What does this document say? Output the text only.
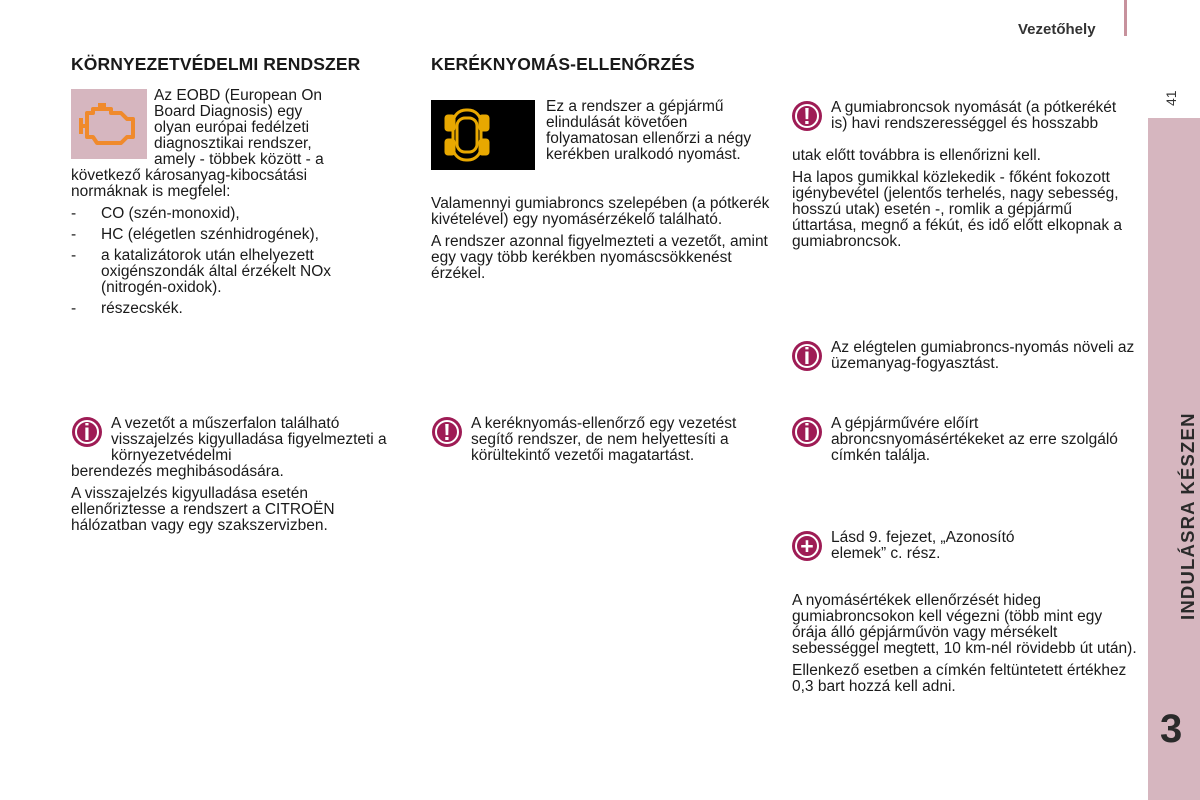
Vezetőhely
41
INDULÁSRA KÉSZEN
3
KÖRNYEZETVÉDELMI RENDSZER
Az EOBD (European On
Board Diagnosis) egy
olyan európai fedélzeti
diagnosztikai rendszer,
amely - többek között - a

következő károsanyag-kibocsátási normáknak is megfelel:

- CO (szén-monoxid),
- HC (elégetlen szénhidrogének),
- a katalizátorok után elhelyezett oxigénszondák által érzékelt NOx (nitrogén-oxidok).
- részecskék.
i	A vezetőt a műszerfalon található visszajelzés kigyulladása figyelmezteti a környezetvédelmi

berendezés meghibásodására.

A visszajelzés kigyulladása esetén ellenőriztesse a rendszert a CITROËN hálózatban vagy egy szakszervizben.

KERÉKNYOMÁS-ELLENŐRZÉS
Ez a rendszer a gépjármű elindulását követően folyamatosan ellenőrzi a négy kerékben uralkodó nyomást.

Valamennyi gumiabroncs szelepében (a pótkerék kivételével) egy nyomásérzékelő található.

A rendszer azonnal figyelmezteti a vezetőt, amint egy vagy több kerékben nyomáscsökkenést érzékel.

!	A keréknyomás-ellenőrző egy vezetést segítő rendszer, de nem helyettesíti a körültekintő vezetői magatartást.
!	A gumiabroncsok nyomását (a pótkerékét is) havi rendszerességgel és hosszabb

utak előtt továbbra is ellenőrizni kell.

Ha lapos gumikkal közlekedik - főként fokozott igénybevétel (jelentős terhelés, nagy sebesség, hosszú utak) esetén -, romlik a gépjármű úttartása, megnő a fékút, és idő előtt elkopnak a gumiabroncsok.

i	Az elégtelen gumiabroncs-nyomás növeli az üzemanyag-fogyasztást.
i	A gépjárművére előírt abroncsnyomásértékeket az erre szolgáló címkén találja.
+	Lásd 9. fejezet, „Azonosító elemek” c. rész.

A nyomásértékek ellenőrzését hideg gumiabroncsokon kell végezni (több mint egy órája álló gépjárművön vagy mérsékelt sebességgel megtett, 10 km-nél rövidebb út után).

Ellenkező esetben a címkén feltüntetett értékhez 0,3 bart hozzá kell adni.
